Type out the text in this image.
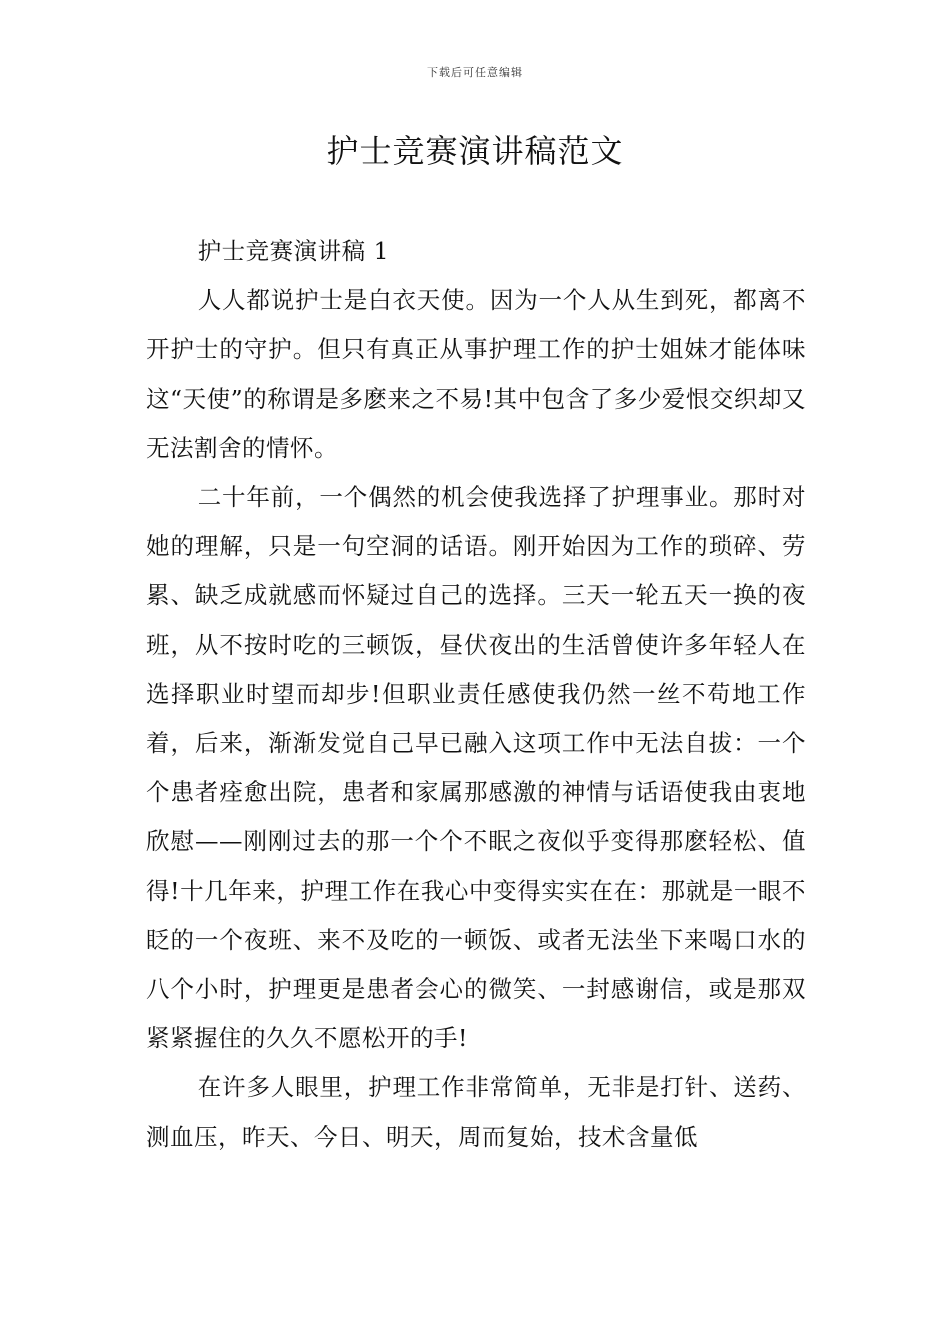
下载后可任意编辑
护士竞赛演讲稿范文

护士竞赛演讲稿 1

人人都说护士是白衣天使。因为一个人从生到死，都离不开护士的守护。但只有真正从事护理工作的护士姐妹才能体味这“天使”的称谓是多麽来之不易!其中包含了多少爱恨交织却又无法割舍的情怀。

二十年前，一个偶然的机会使我选择了护理事业。那时对她的理解，只是一句空洞的话语。刚开始因为工作的琐碎、劳累、缺乏成就感而怀疑过自己的选择。三天一轮五天一换的夜班，从不按时吃的三顿饭，昼伏夜出的生活曾使许多年轻人在选择职业时望而却步!但职业责任感使我仍然一丝不苟地工作着，后来，渐渐发觉自己早已融入这项工作中无法自拔：一个个患者痊愈出院，患者和家属那感激的神情与话语使我由衷地欣慰——刚刚过去的那一个个不眠之夜似乎变得那麽轻松、值得!十几年来，护理工作在我心中变得实实在在：那就是一眼不眨的一个夜班、来不及吃的一顿饭、或者无法坐下来喝口水的八个小时，护理更是患者会心的微笑、一封感谢信，或是那双紧紧握住的久久不愿松开的手!

在许多人眼里，护理工作非常简单，无非是打针、送药、测血压，昨天、今日、明天，周而复始，技术含量低
